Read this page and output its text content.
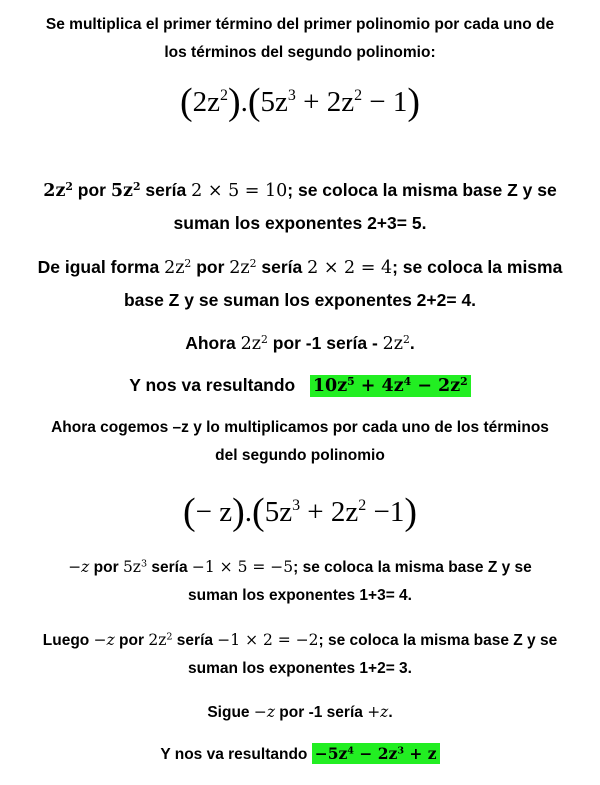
Se multiplica el primer término del primer polinomio por cada uno de
los términos del segundo polinomio:
$(2z^2).(5z^3 + 2z^2 - 1)$
$2z^2$ por $5z^2$ sería 2 × 5 = 10; se coloca la misma base Z y se
suman los exponentes 2+3= 5.
De igual forma $2z^2$ por $2z^2$ sería 2 × 2 = 4; se coloca la misma
base Z y se suman los exponentes 2+2= 4.
Ahora $2z^2$ por -1 sería - $2z^2$.
Y nos va resultando $10z^5 + 4z^4 - 2z^2$
Ahora cogemos –z y lo multiplicamos por cada uno de los términos
del segundo polinomio
(− $z).(5z^3 + 2z^2 -1)$
−z por $5z^3$ sería −1 × 5 = −5; se coloca la misma base Z y se
suman los exponentes 1+3= 4.
Luego −z por $2z^2$ sería −1 × 2 = −2; se coloca la misma base Z y se
suman los exponentes 1+2= 3.
Sigue −z por -1 sería +z.
Y nos va resultando $-5z^4 - 2z^3 + z$
